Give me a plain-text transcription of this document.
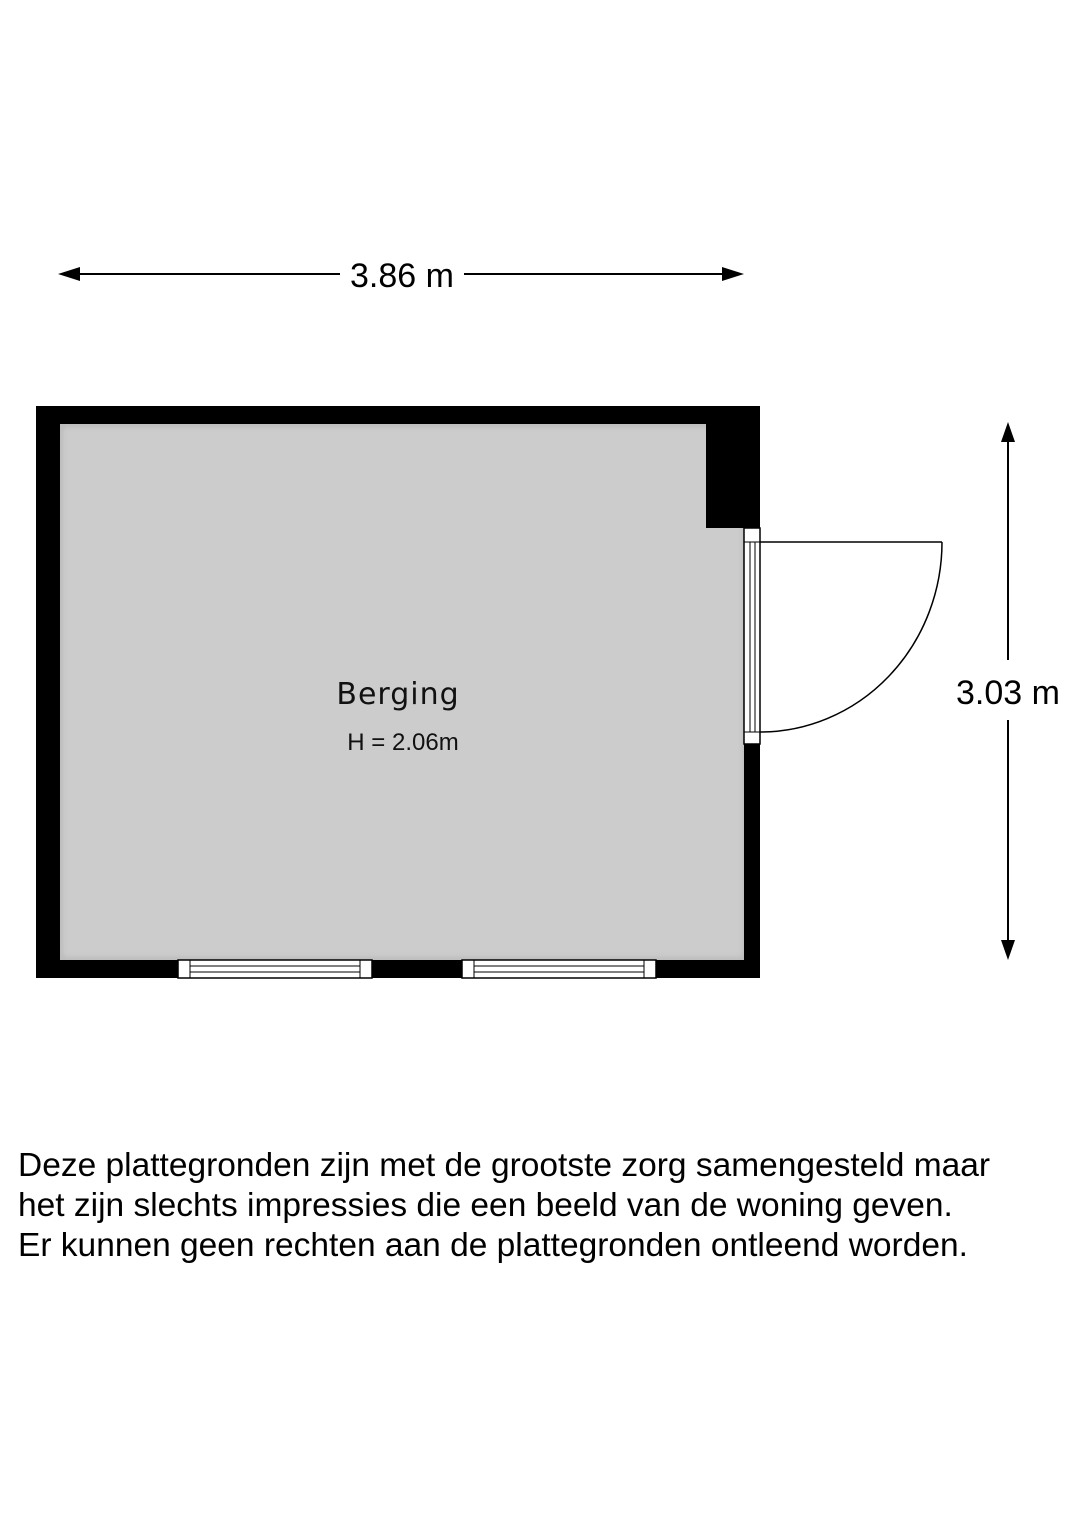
3.86 m
3.03 m
Berging
H = 2.06m
Deze plattegronden zijn met de grootste zorg samengesteld maar
het zijn slechts impressies die een beeld van de woning geven.
Er kunnen geen rechten aan de plattegronden ontleend worden.
